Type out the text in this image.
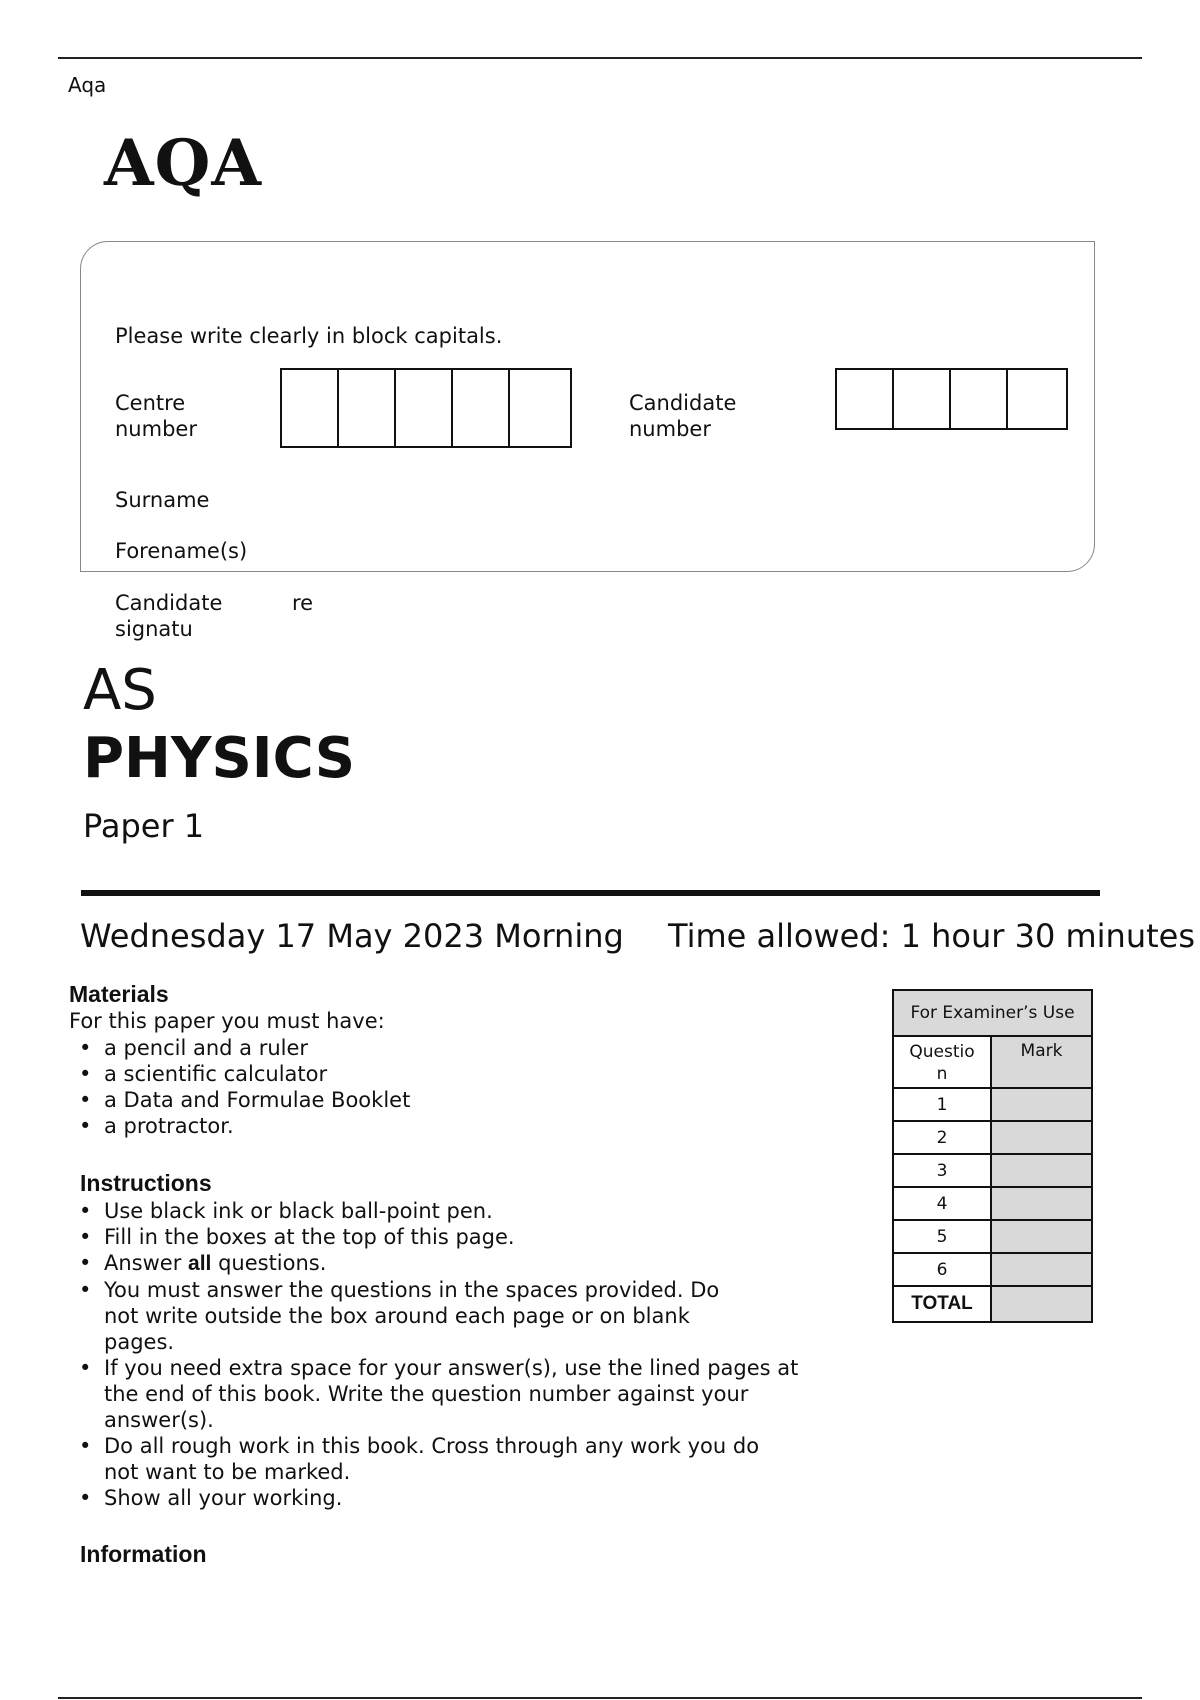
Aqa
AQA
Please write clearly in block capitals.
Centre
number
Candidate
number
Surname
Forename(s)
Candidate
signatu
re
AS
PHYSICS
Paper 1
Wednesday 17 May 2023 Morning Time allowed: 1 hour 30 minutes
Materials
For this paper you must have:
• a pencil and a ruler
• a scientific calculator
• a Data and Formulae Booklet
• a protractor.
Instructions
• Use black ink or black ball-point pen.
• Fill in the boxes at the top of this page.
• Answer all questions.
• You must answer the questions in the spaces provided. Do
not write outside the box around each page or on blank
pages.
• If you need extra space for your answer(s), use the lined pages at
the end of this book. Write the question number against your
answer(s).
• Do all rough work in this book. Cross through any work you do
not want to be marked.
• Show all your working.
Information
For Examiner’s Use	

Questio
n	Mark
1	
2	
3	
4	
5	
6	
TOTAL	
